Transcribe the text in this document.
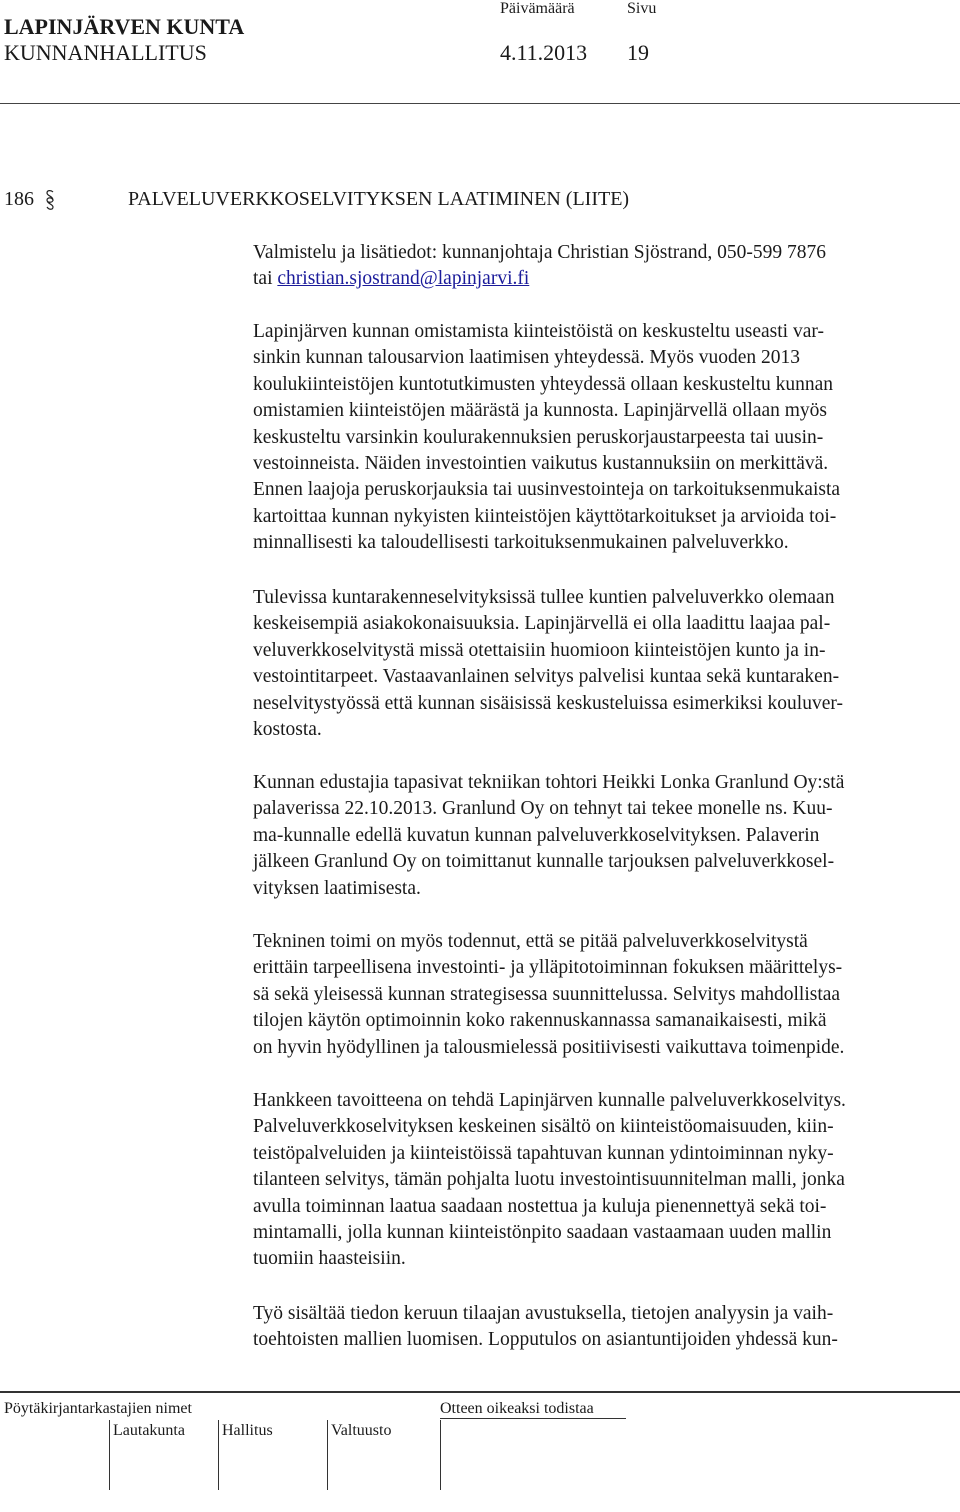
LAPINJÄRVEN KUNTA
KUNNANHALLITUS
Päivämäärä	Sivu
4.11.2013 19
186	PALVELUVERKKOSELVITYKSEN LAATIMINEN (LIITE)
Valmistelu ja lisätiedot: kunnanjohtaja Christian Sjöstrand, 050-599 7876
tai christian.sjostrand@lapinjarvi.fi
Lapinjärven kunnan omistamista kiinteistöistä on keskusteltu useasti var-
sinkin kunnan talousarvion laatimisen yhteydessä. Myös vuoden 2013
koulukiinteistöjen kuntotutkimusten yhteydessä ollaan keskusteltu kunnan
omistamien kiinteistöjen määrästä ja kunnosta. Lapinjärvellä ollaan myös
keskusteltu varsinkin koulurakennuksien peruskorjaustarpeesta tai uusin-
vestoinneista. Näiden investointien vaikutus kustannuksiin on merkittävä.
Ennen laajoja peruskorjauksia tai uusinvestointeja on tarkoituksenmukaista
kartoittaa kunnan nykyisten kiinteistöjen käyttötarkoitukset ja arvioida toi-
minnallisesti ka taloudellisesti tarkoituksenmukainen palveluverkko.
Tulevissa kuntarakenneselvityksissä tullee kuntien palveluverkko olemaan
keskeisempiä asiakokonaisuuksia. Lapinjärvellä ei olla laadittu laajaa pal-
veluverkkoselvitystä missä otettaisiin huomioon kiinteistöjen kunto ja in-
vestointitarpeet. Vastaavanlainen selvitys palvelisi kuntaa sekä kuntaraken-
neselvitystyössä että kunnan sisäisissä keskusteluissa esimerkiksi kouluver-
kostosta.
Kunnan edustajia tapasivat tekniikan tohtori Heikki Lonka Granlund Oy:stä
palaverissa 22.10.2013. Granlund Oy on tehnyt tai tekee monelle ns. Kuu-
ma-kunnalle edellä kuvatun kunnan palveluverkkoselvityksen. Palaverin
jälkeen Granlund Oy on toimittanut kunnalle tarjouksen palveluverkkosel-
vityksen laatimisesta.
Tekninen toimi on myös todennut, että se pitää palveluverkkoselvitystä
erittäin tarpeellisena investointi- ja ylläpitotoiminnan fokuksen määrittelys-
sä sekä yleisessä kunnan strategisessa suunnittelussa. Selvitys mahdollistaa
tilojen käytön optimoinnin koko rakennuskannassa samanaikaisesti, mikä
on hyvin hyödyllinen ja talousmielessä positiivisesti vaikuttava toimenpide.
Hankkeen tavoitteena on tehdä Lapinjärven kunnalle palveluverkkoselvitys.
Palveluverkkoselvityksen keskeinen sisältö on kiinteistöomaisuuden, kiin-
teistöpalveluiden ja kiinteistöissä tapahtuvan kunnan ydintoiminnan nyky-
tilanteen selvitys, tämän pohjalta luotu investointisuunnitelman malli, jonka
avulla toiminnan laatua saadaan nostettua ja kuluja pienennettyä sekä toi-
mintamalli, jolla kunnan kiinteistönpito saadaan vastaamaan uuden mallin
tuomiin haasteisiin.
Työ sisältää tiedon keruun tilaajan avustuksella, tietojen analyysin ja vaih-
toehtoisten mallien luomisen. Lopputulos on asiantuntijoiden yhdessä kun-
Pöytäkirjantarkastajien nimet	Otteen oikeaksi todistaa
Lautakunta Hallitus	Valtuusto
